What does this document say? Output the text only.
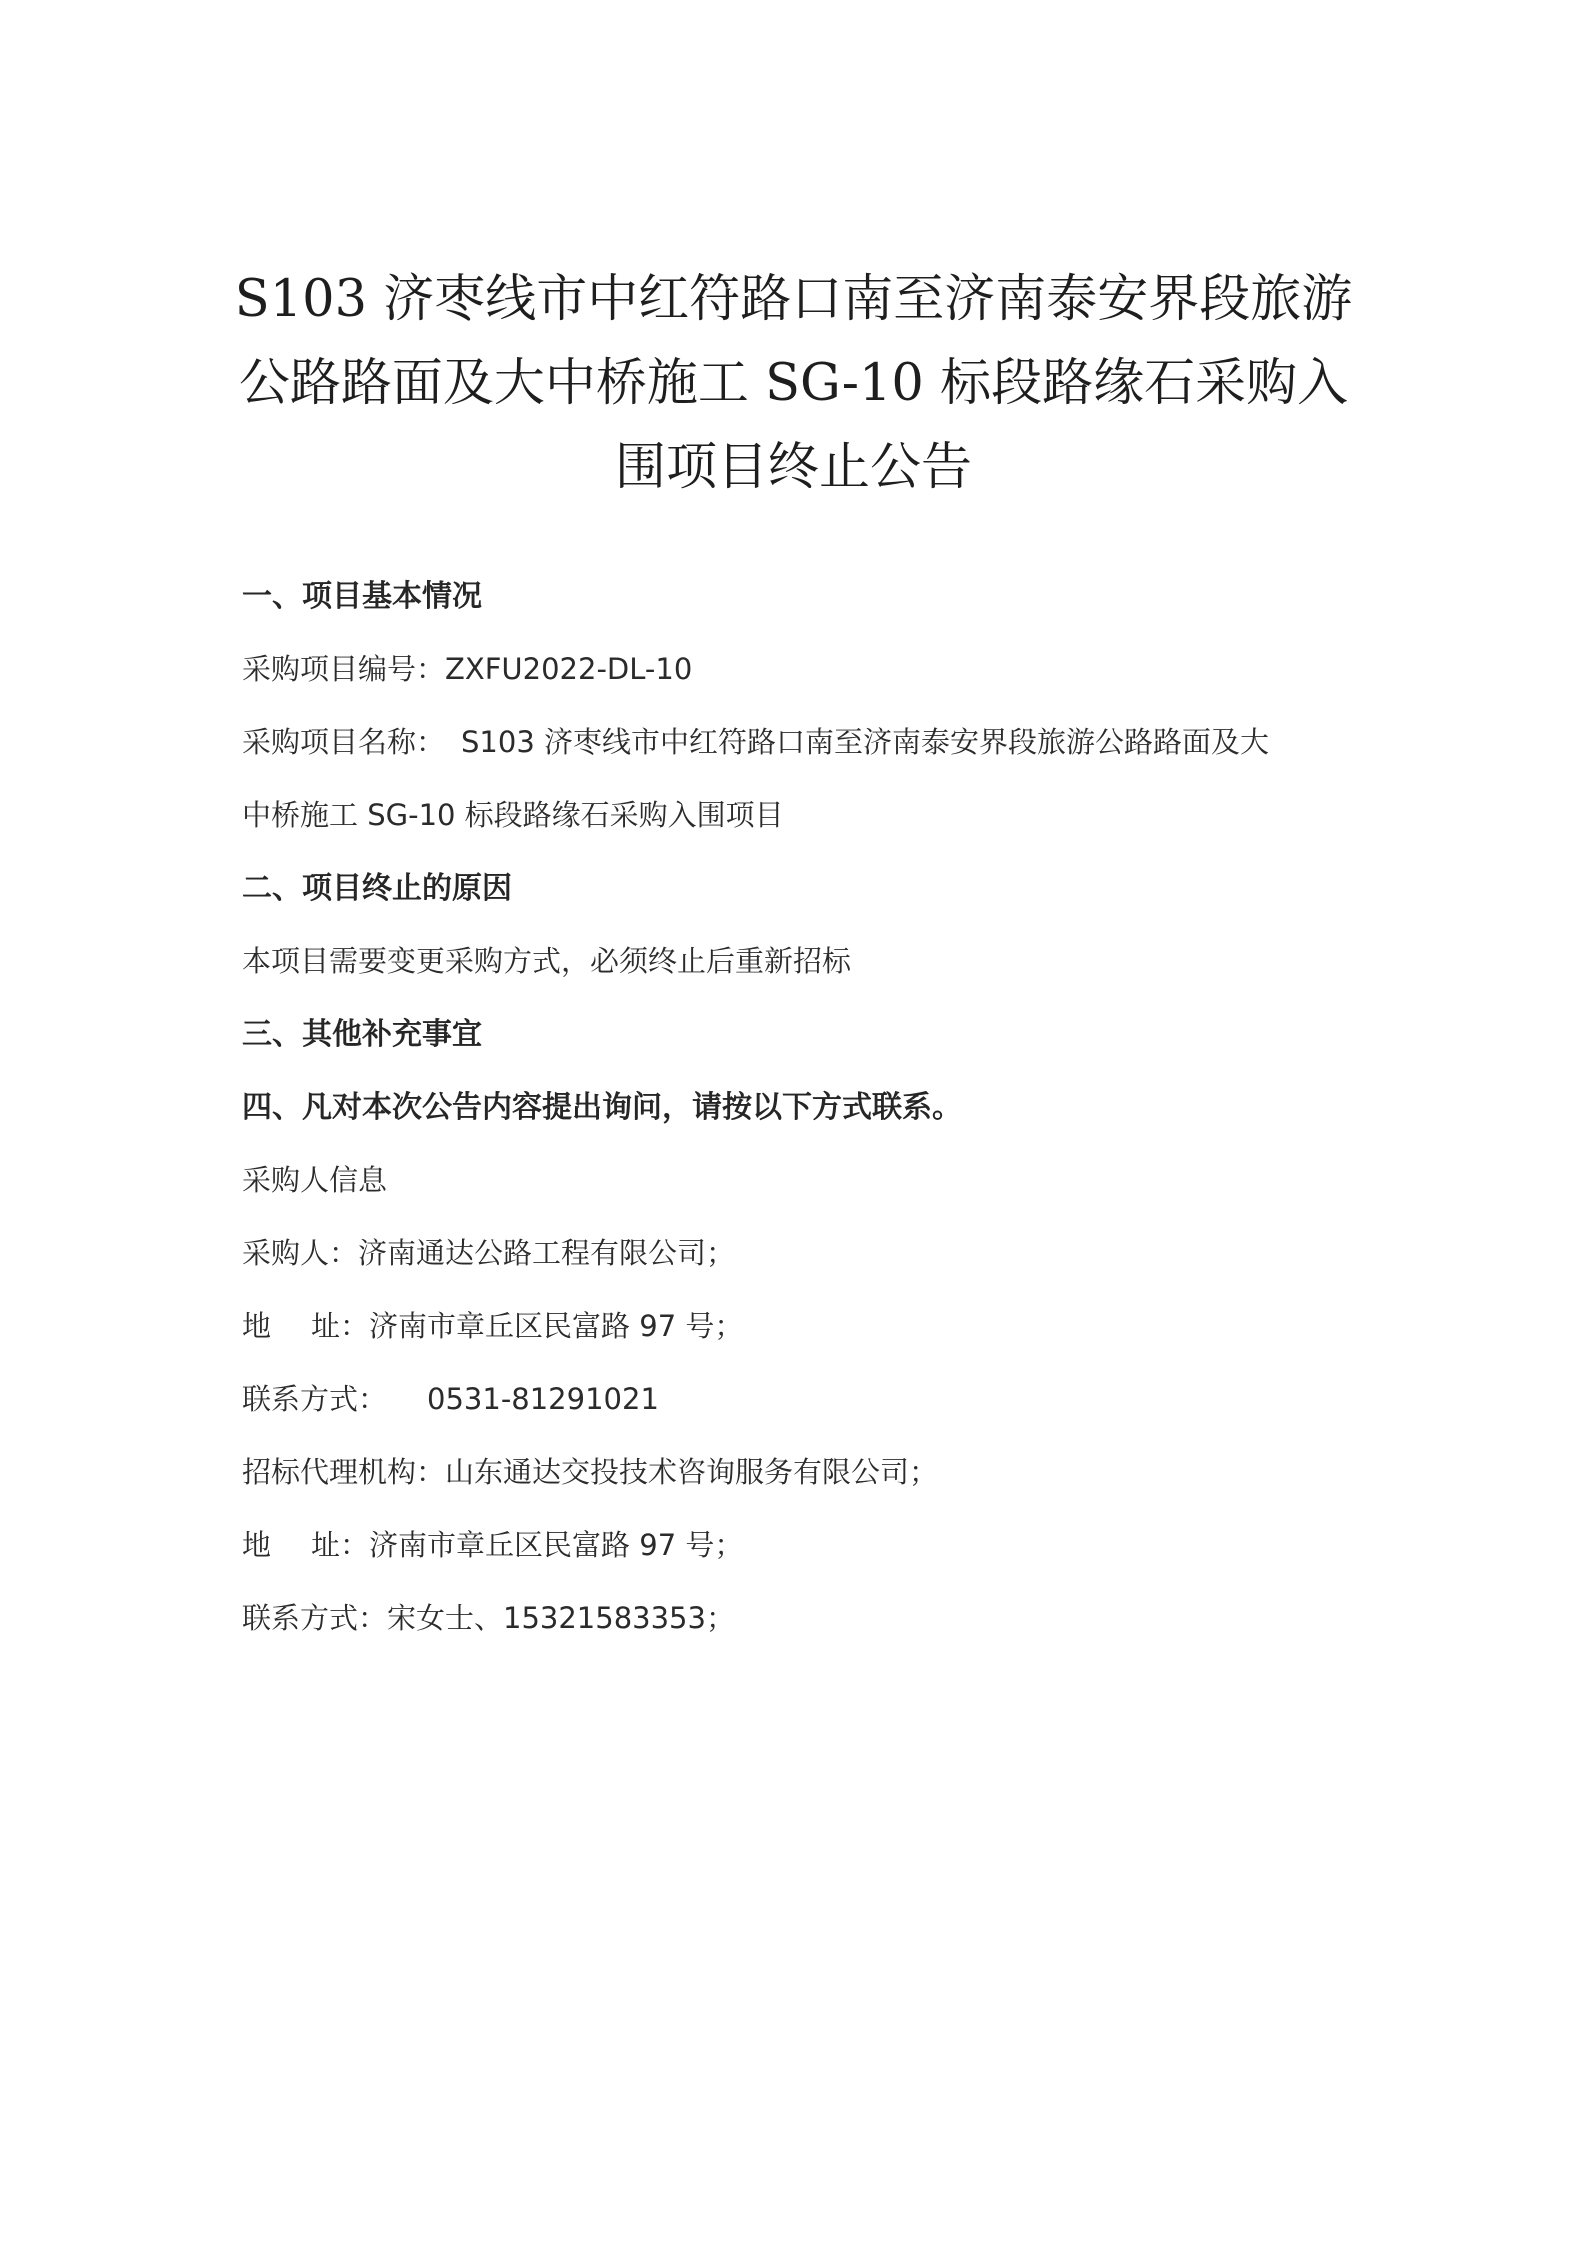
S103 济枣线市中红符路口南至济南泰安界段旅游
公路路面及大中桥施工 SG-10 标段路缘石采购入
围项目终止公告

一、项目基本情况

采购项目编号：ZXFU2022-DL-10

采购项目名称： S103 济枣线市中红符路口南至济南泰安界段旅游公路路面及大

中桥施工 SG-10 标段路缘石采购入围项目

二、项目终止的原因

本项目需要变更采购方式，必须终止后重新招标

三、其他补充事宜

四、凡对本次公告内容提出询问，请按以下方式联系。

采购人信息

采购人：济南通达公路工程有限公司；

地 址：济南市章丘区民富路 97 号；

联系方式： 0531-81291021

招标代理机构：山东通达交投技术咨询服务有限公司；

地 址：济南市章丘区民富路 97 号；

联系方式：宋女士、15321583353；
